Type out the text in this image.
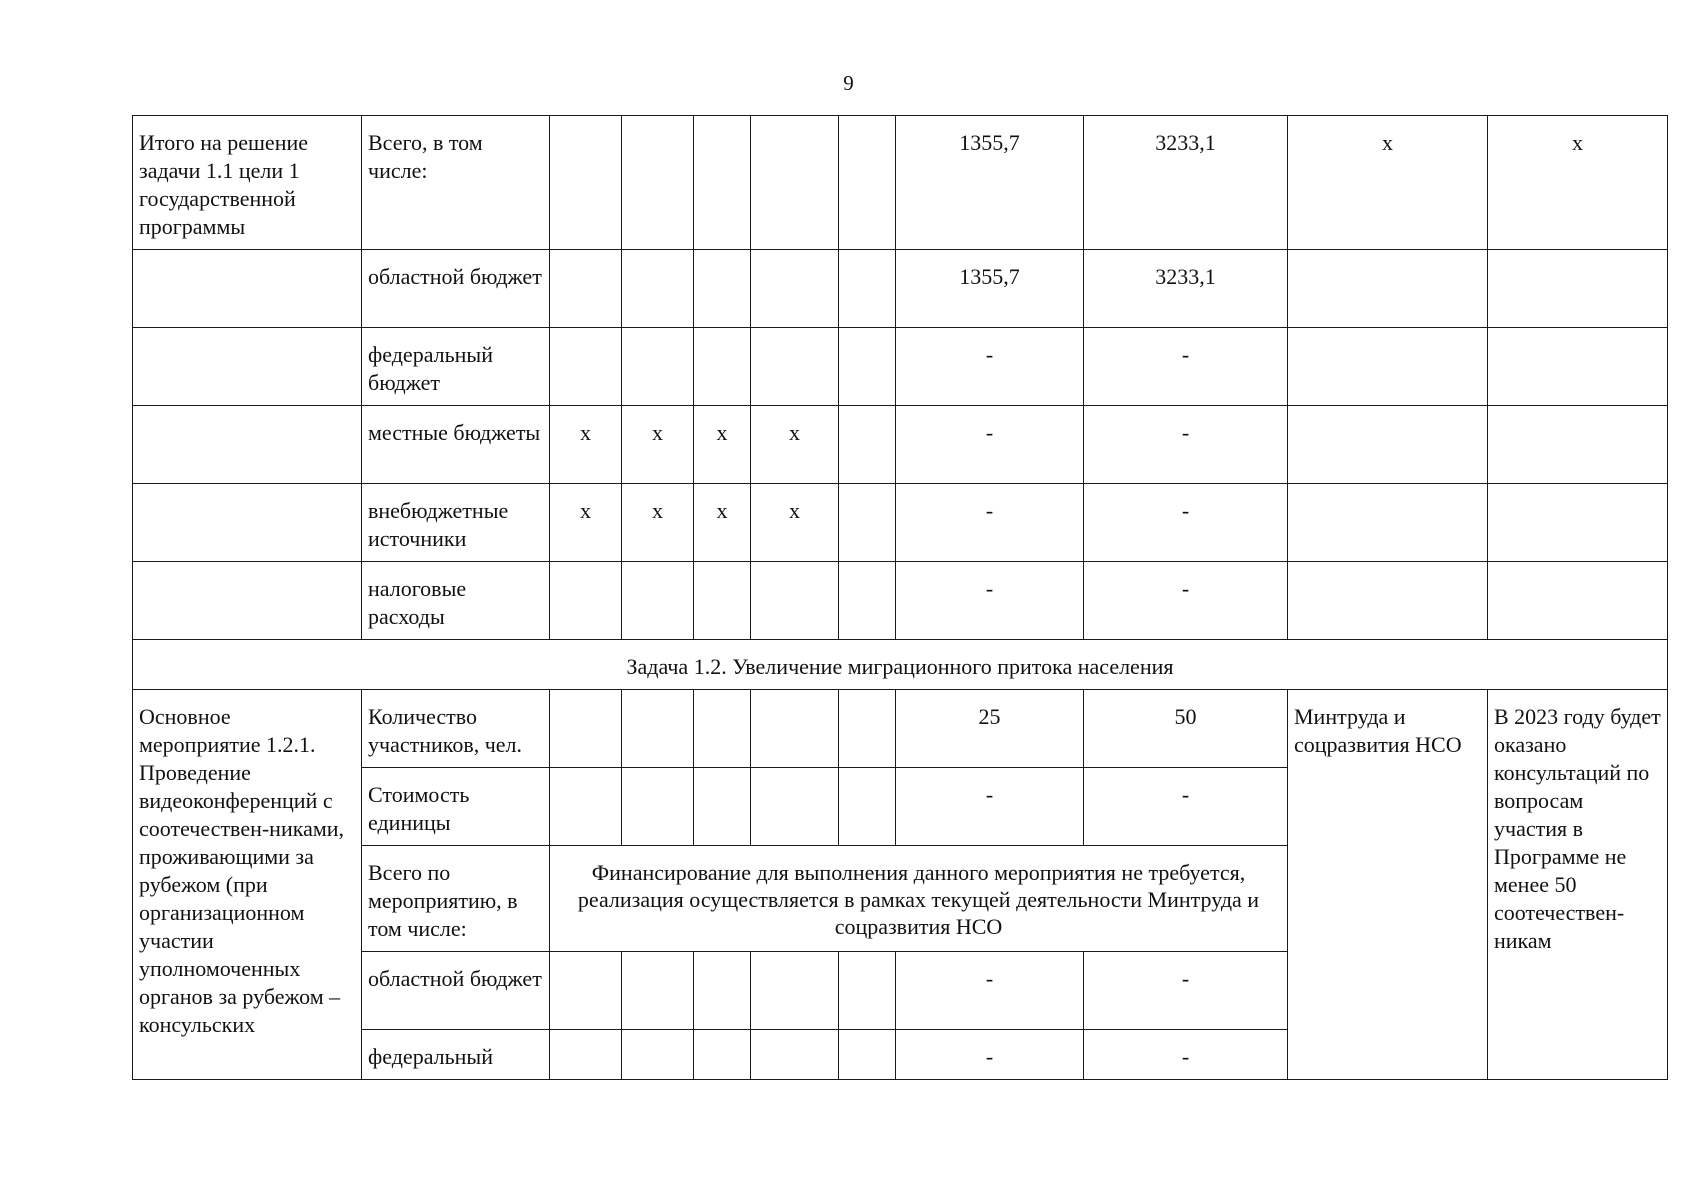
9
Итого на решение задачи 1.1 цели 1 государственной программы	Всего, в том числе:						1355,7	3233,1	х	х
	областной бюджет						1355,7	3233,1		
	федеральный бюджет						-	-		
	местные бюджеты	х	х	х	х		-	-		
	внебюджетные источники	х	х	х	х		-	-		
	налоговые расходы						-	-		
Задача 1.2. Увеличение миграционного притока населения										
Основное мероприятие 1.2.1. Проведение видеоконференций с соотечествен-никами, проживающими за рубежом (при организационном участии уполномоченных органов за рубежом – консульских	Количество участников, чел.						25	50	Минтруда и соцразвития НСО	В 2023 году будет оказано консультаций по вопросам участия в Программе не менее 50 соотечествен-никам
	Стоимость единицы						-	-		
	Всего по мероприятию, в том числе:	Финансирование для выполнения данного мероприятия не требуется, реализация осуществляется в рамках текущей деятельности Минтруда и соцразвития НСО								
	областной бюджет						-	-		
	федеральный						-	-		
